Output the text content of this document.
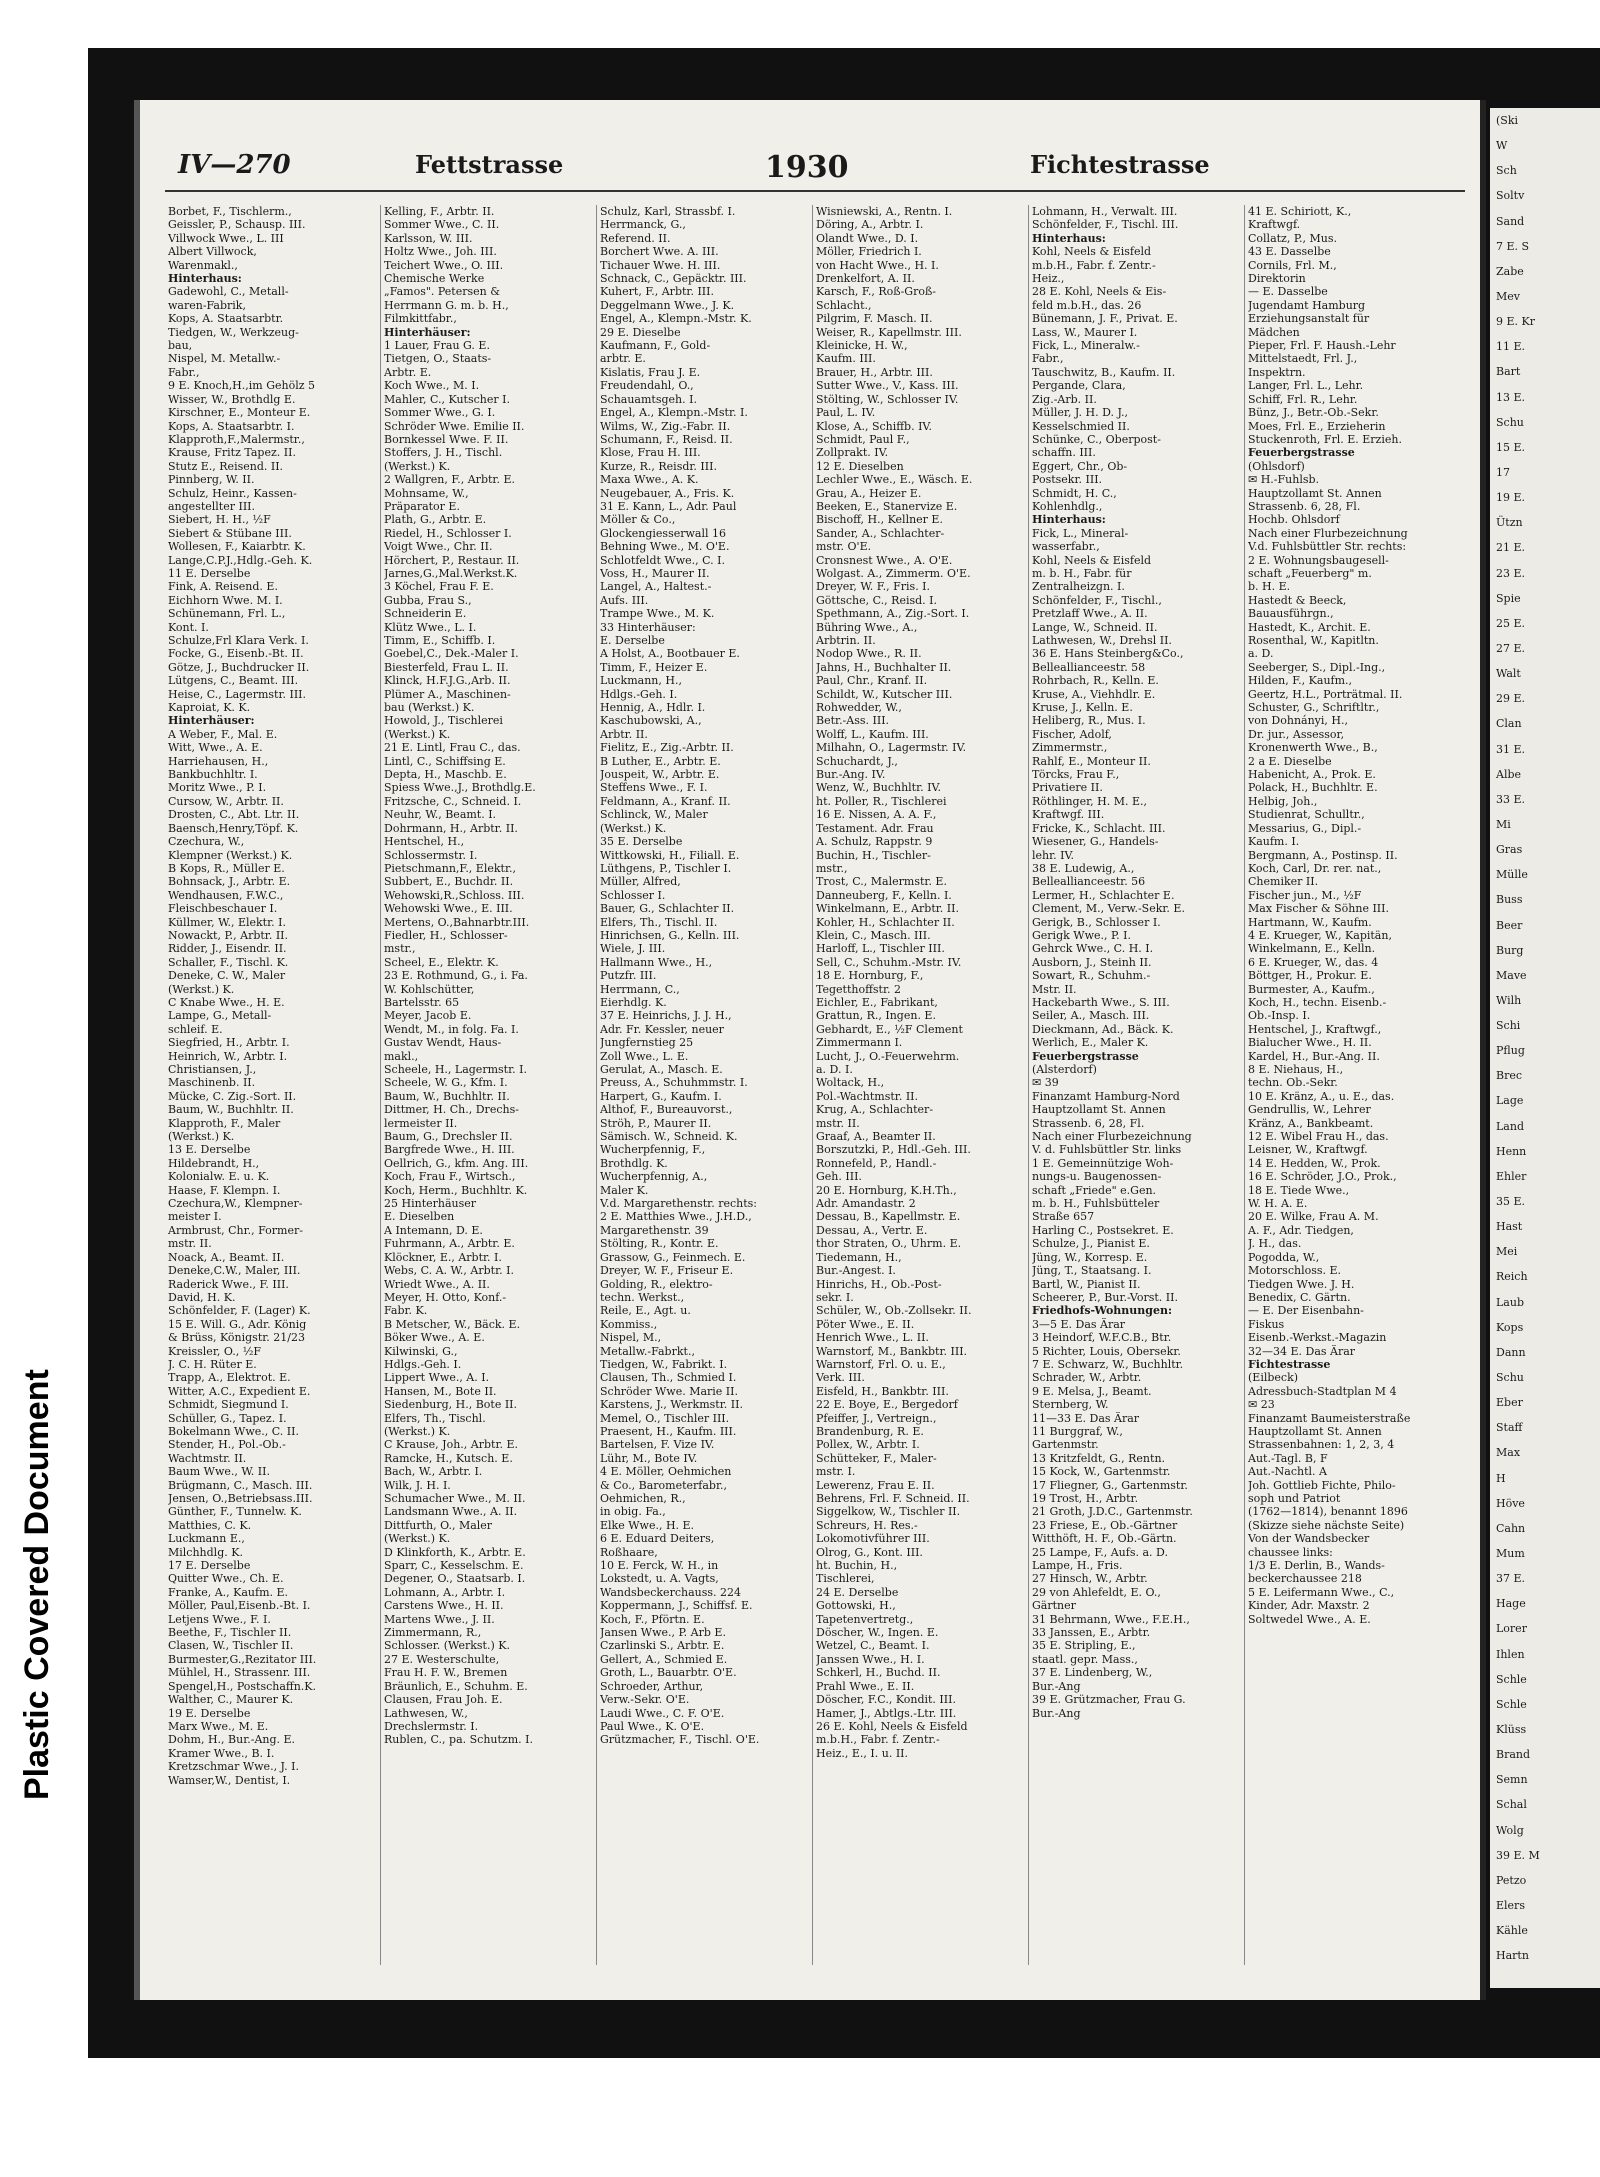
Plastic Covered Document
(Ski
W
Sch
Soltv
Sand
7 E. S
Zabe
Mev
9 E. Kr
11 E.
Bart
13 E.
Schu
15 E.
17
19 E.
Ützn
21 E.
23 E.
Spie
25 E.
27 E.
Walt
29 E.
Clan
31 E.
Albe
33 E.
Mi
Gras
Mülle
Buss
Beer
Burg
Mave
Wilh
Schi
Pflug
Brec
Lage
Land
Henn
Ehler
35 E.
Hast
Mei
Reich
Laub
Kops
Dann
Schu
Eber
Staff
Max
H
Höve
Cahn
Mum
37 E.
Hage
Lorer
Ihlen
Schle
Schle
Klüss
Brand
Semn
Schal
Wolg
39 E. M
Petzo
Elers
Kähle
Hartn
IV—270	Fettstrasse	1930	Fichtestrasse
Borbet, F., Tischlerm.,
Geissler, P., Schausp. III.
Villwock Wwe., L. III
Albert Villwock,
Warenmakl.,
Hinterhaus:
Gadewohl, C., Metall-
waren-Fabrik,
Kops, A. Staatsarbtr.
Tiedgen, W., Werkzeug-
bau,
Nispel, M. Metallw.-
Fabr.,
9 E. Knoch,H.,im Gehölz 5
Wisser, W., Brothdlg E.
Kirschner, E., Monteur E.
Kops, A. Staatsarbtr. I.
Klapproth,F.,Malermstr.,
Krause, Fritz Tapez. II.
Stutz E., Reisend. II.
Pinnberg, W. II.
Schulz, Heinr., Kassen-
angestellter III.
Siebert, H. H., ½F
Siebert & Stübane III.
Wollesen, F., Kaiarbtr. K.
Lange,C.P.J.,Hdlg.-Geh. K.
11 E. Derselbe
Fink, A. Reisend. E.
Eichhorn Wwe. M. I.
Schünemann, Frl. L.,
Kont. I.
Schulze,Frl Klara Verk. I.
Focke, G., Eisenb.-Bt. II.
Götze, J., Buchdrucker II.
Lütgens, C., Beamt. III.
Heise, C., Lagermstr. III.
Kaproiat, K. K.
Hinterhäuser:
A Weber, F., Mal. E.
Witt, Wwe., A. E.
Harriehausen, H.,
Bankbuchhltr. I.
Moritz Wwe., P. I.
Cursow, W., Arbtr. II.
Drosten, C., Abt. Ltr. II.
Baensch,Henry,Töpf. K.
Czechura, W.,
Klempner (Werkst.) K.
B Kops, R., Müller E.
Bohnsack, J., Arbtr. E.
Wendhausen, F.W.C.,
Fleischbeschauer I.
Küllmer, W., Elektr. I.
Nowackt, P., Arbtr. II.
Ridder, J., Eisendr. II.
Schaller, F., Tischl. K.
Deneke, C. W., Maler
(Werkst.) K.
C Knabe Wwe., H. E.
Lampe, G., Metall-
schleif. E.
Siegfried, H., Arbtr. I.
Heinrich, W., Arbtr. I.
Christiansen, J.,
Maschinenb. II.
Mücke, C. Zig.-Sort. II.
Baum, W., Buchhltr. II.
Klapproth, F., Maler
(Werkst.) K.
13 E. Derselbe
Hildebrandt, H.,
Kolonialw. E. u. K.
Haase, F. Klempn. I.
Czechura,W., Klempner-
meister I.
Armbrust, Chr., Former-
mstr. II.
Noack, A., Beamt. II.
Deneke,C.W., Maler, III.
Raderick Wwe., F. III.
David, H. K.
Schönfelder, F. (Lager) K.
15 E. Will. G., Adr. König
& Brüss, Königstr. 21/23
Kreissler, O., ½F
J. C. H. Rüter E.
Trapp, A., Elektrot. E.
Witter, A.C., Expedient E.
Schmidt, Siegmund I.
Schüller, G., Tapez. I.
Bokelmann Wwe., C. II.
Stender, H., Pol.-Ob.-
Wachtmstr. II.
Baum Wwe., W. II.
Brügmann, C., Masch. III.
Jensen, O.,Betriebsass.III.
Günther, F., Tunnelw. K.
Matthies, C. K.
Luckmann E.,
Milchhdlg. K.
17 E. Derselbe
Quitter Wwe., Ch. E.
Franke, A., Kaufm. E.
Möller, Paul,Eisenb.-Bt. I.
Letjens Wwe., F. I.
Beethe, F., Tischler II.
Clasen, W., Tischler II.
Burmester,G.,Rezitator III.
Mühlel, H., Strassenr. III.
Spengel,H., Postschaffn.K.
Walther, C., Maurer K.
19 E. Derselbe
Marx Wwe., M. E.
Dohm, H., Bur.-Ang. E.
Kramer Wwe., B. I.
Kretzschmar Wwe., J. I.
Wamser,W., Dentist, I.
Kelling, F., Arbtr. II.
Sommer Wwe., C. II.
Karlsson, W. III.
Holtz Wwe., Joh. III.
Teichert Wwe., O. III.
Chemische Werke
„Famos". Petersen &
Herrmann G. m. b. H.,
Filmkittfabr.,
Hinterhäuser:
1 Lauer, Frau G. E.
Tietgen, O., Staats-
Arbtr. E.
Koch Wwe., M. I.
Mahler, C., Kutscher I.
Sommer Wwe., G. I.
Schröder Wwe. Emilie II.
Bornkessel Wwe. F. II.
Stoffers, J. H., Tischl.
(Werkst.) K.
2 Wallgren, F., Arbtr. E.
Mohnsame, W.,
Präparator E.
Plath, G., Arbtr. E.
Riedel, H., Schlosser I.
Voigt Wwe., Chr. II.
Hörchert, P., Restaur. II.
Jarnes,G.,Mal.Werkst.K.
3 Köchel, Frau F. E.
Gubba, Frau S.,
Schneiderin E.
Klütz Wwe., L. I.
Timm, E., Schiffb. I.
Goebel,C., Dek.-Maler I.
Biesterfeld, Frau L. II.
Klinck, H.F.J.G.,Arb. II.
Plümer A., Maschinen-
bau (Werkst.) K.
Howold, J., Tischlerei
(Werkst.) K.
21 E. Lintl, Frau C., das.
Lintl, C., Schiffsing E.
Depta, H., Maschb. E.
Spiess Wwe.,J., Brothdlg.E.
Fritzsche, C., Schneid. I.
Neuhr, W., Beamt. I.
Dohrmann, H., Arbtr. II.
Hentschel, H.,
Schlossermstr. I.
Pietschmann,F., Elektr.,
Subbert, E., Buchdr. II.
Wehowski,R.,Schloss. III.
Wehowski Wwe., E. III.
Mertens, O.,Bahnarbtr.III.
Fiedler, H., Schlosser-
mstr.,
Scheel, E., Elektr. K.
23 E. Rothmund, G., i. Fa.
W. Kohlschütter,
Bartelsstr. 65
Meyer, Jacob E.
Wendt, M., in folg. Fa. I.
Gustav Wendt, Haus-
makl.,
Scheele, H., Lagermstr. I.
Scheele, W. G., Kfm. I.
Baum, W., Buchhltr. II.
Dittmer, H. Ch., Drechs-
lermeister II.
Baum, G., Drechsler II.
Bargfrede Wwe., H. III.
Oellrich, G., kfm. Ang. III.
Koch, Frau F., Wirtsch.,
Koch, Herm., Buchhltr. K.
25 Hinterhäuser
E. Dieselben
A Intemann, D. E.
Fuhrmann, A., Arbtr. E.
Klöckner, E., Arbtr. I.
Webs, C. A. W., Arbtr. I.
Wriedt Wwe., A. II.
Meyer, H. Otto, Konf.-
Fabr. K.
B Metscher, W., Bäck. E.
Böker Wwe., A. E.
Kilwinski, G.,
Hdlgs.-Geh. I.
Lippert Wwe., A. I.
Hansen, M., Bote II.
Siedenburg, H., Bote II.
Elfers, Th., Tischl.
(Werkst.) K.
C Krause, Joh., Arbtr. E.
Ramcke, H., Kutsch. E.
Bach, W., Arbtr. I.
Wilk, J. H. I.
Schumacher Wwe., M. II.
Landsmann Wwe., A. II.
Dittfurth, O., Maler
(Werkst.) K.
D Klinkforth, K., Arbtr. E.
Sparr, C., Kesselschm. E.
Degener, O., Staatsarb. I.
Lohmann, A., Arbtr. I.
Carstens Wwe., H. II.
Martens Wwe., J. II.
Zimmermann, R.,
Schlosser. (Werkst.) K.
27 E. Westerschulte,
Frau H. F. W., Bremen
Bräunlich, E., Schuhm. E.
Clausen, Frau Joh. E.
Lathwesen, W.,
Drechslermstr. I.
Rublen, C., pa. Schutzm. I.
Schulz, Karl, Strassbf. I.
Herrmanck, G.,
Referend. II.
Borchert Wwe. A. III.
Tichauer Wwe. H. III.
Schnack, C., Gepäcktr. III.
Kuhert, F., Arbtr. III.
Deggelmann Wwe., J. K.
Engel, A., Klempn.-Mstr. K.
29 E. Dieselbe
Kaufmann, F., Gold-
arbtr. E.
Kislatis, Frau J. E.
Freudendahl, O.,
Schauamtsgeh. I.
Engel, A., Klempn.-Mstr. I.
Wilms, W., Zig.-Fabr. II.
Schumann, F., Reisd. II.
Klose, Frau H. III.
Kurze, R., Reisdr. III.
Maxa Wwe., A. K.
Neugebauer, A., Fris. K.
31 E. Kann, L., Adr. Paul
Möller & Co.,
Glockengiesserwall 16
Behning Wwe., M. O'E.
Schlotfeldt Wwe., C. I.
Voss, H., Maurer II.
Langel, A., Haltest.-
Aufs. III.
Trampe Wwe., M. K.
33 Hinterhäuser:
E. Derselbe
A Holst, A., Bootbauer E.
Timm, F., Heizer E.
Luckmann, H.,
Hdlgs.-Geh. I.
Hennig, A., Hdlr. I.
Kaschubowski, A.,
Arbtr. II.
Fielitz, E., Zig.-Arbtr. II.
B Luther, E., Arbtr. E.
Jouspeit, W., Arbtr. E.
Steffens Wwe., F. I.
Feldmann, A., Kranf. II.
Schlinck, W., Maler
(Werkst.) K.
35 E. Derselbe
Wittkowski, H., Filiall. E.
Lüthgens, P., Tischler I.
Müller, Alfred,
Schlosser I.
Bauer, G., Schlachter II.
Elfers, Th., Tischl. II.
Hinrichsen, G., Kelln. III.
Wiele, J. III.
Hallmann Wwe., H.,
Putzfr. III.
Herrmann, C.,
Eierhdlg. K.
37 E. Heinrichs, J. J. H.,
Adr. Fr. Kessler, neuer
Jungfernstieg 25
Zoll Wwe., L. E.
Gerulat, A., Masch. E.
Preuss, A., Schuhmmstr. I.
Harpert, G., Kaufm. I.
Althof, F., Bureauvorst.,
Ströh, P., Maurer II.
Sämisch. W., Schneid. K.
Wucherpfennig, F.,
Brothdlg. K.
Wucherpfennig, A.,
Maler K.
V.d. Margarethenstr. rechts:
2 E. Matthies Wwe., J.H.D.,
Margarethenstr. 39
Stölting, R., Kontr. E.
Grassow, G., Feinmech. E.
Dreyer, W. F., Friseur E.
Golding, R., elektro-
techn. Werkst.,
Reile, E., Agt. u.
Kommiss.,
Nispel, M.,
Metallw.-Fabrkt.,
Tiedgen, W., Fabrikt. I.
Clausen, Th., Schmied I.
Schröder Wwe. Marie II.
Karstens, J., Werkmstr. II.
Memel, O., Tischler III.
Praesent, H., Kaufm. III.
Bartelsen, F. Vize IV.
Lühr, M., Bote IV.
4 E. Möller, Oehmichen
& Co., Barometerfabr.,
Oehmichen, R.,
in obig. Fa.,
Elke Wwe., H. E.
6 E. Eduard Deiters,
Roßhaare,
10 E. Ferck, W. H., in
Lokstedt, u. A. Vagts,
Wandsbeckerchauss. 224
Koppermann, J., Schiffsf. E.
Koch, F., Pförtn. E.
Jansen Wwe., P. Arb E.
Czarlinski S., Arbtr. E.
Gellert, A., Schmied E.
Groth, L., Bauarbtr. O'E.
Schroeder, Arthur,
Verw.-Sekr. O'E.
Laudi Wwe., C. F. O'E.
Paul Wwe., K. O'E.
Grützmacher, F., Tischl. O'E.
Wisniewski, A., Rentn. I.
Döring, A., Arbtr. I.
Olandt Wwe., D. I.
Möller, Friedrich I.
von Hacht Wwe., H. I.
Drenkelfort, A. II.
Karsch, F., Roß-Groß-
Schlacht.,
Pilgrim, F. Masch. II.
Weiser, R., Kapellmstr. III.
Kleinicke, H. W.,
Kaufm. III.
Brauer, H., Arbtr. III.
Sutter Wwe., V., Kass. III.
Stölting, W., Schlosser IV.
Paul, L. IV.
Klose, A., Schiffb. IV.
Schmidt, Paul F.,
Zollprakt. IV.
12 E. Dieselben
Lechler Wwe., E., Wäsch. E.
Grau, A., Heizer E.
Beeken, E., Stanervize E.
Bischoff, H., Kellner E.
Sander, A., Schlachter-
mstr. O'E.
Cronsnest Wwe., A. O'E.
Wolgast. A., Zimmerm. O'E.
Dreyer, W. F., Fris. I.
Göttsche, C., Reisd. I.
Spethmann, A., Zig.-Sort. I.
Bühring Wwe., A.,
Arbtrin. II.
Nodop Wwe., R. II.
Jahns, H., Buchhalter II.
Paul, Chr., Kranf. II.
Schildt, W., Kutscher III.
Rohwedder, W.,
Betr.-Ass. III.
Wolff, L., Kaufm. III.
Milhahn, O., Lagermstr. IV.
Schuchardt, J.,
Bur.-Ang. IV.
Wenz, W., Buchhltr. IV.
ht. Poller, R., Tischlerei
16 E. Nissen, A. A. F.,
Testament. Adr. Frau
A. Schulz, Rappstr. 9
Buchin, H., Tischler-
mstr.,
Trost, C., Malermstr. E.
Danneuberg, F., Kelln. I.
Winkelmann, E., Arbtr. II.
Kohler, H., Schlachter II.
Klein, C., Masch. III.
Harloff, L., Tischler III.
Sell, C., Schuhm.-Mstr. IV.
18 E. Hornburg, F.,
Tegetthoffstr. 2
Eichler, E., Fabrikant,
Grattun, R., Ingen. E.
Gebhardt, E., ½F Clement
Zimmermann I.
Lucht, J., O.-Feuerwehrm.
a. D. I.
Woltack, H.,
Pol.-Wachtmstr. II.
Krug, A., Schlachter-
mstr. II.
Graaf, A., Beamter II.
Borszutzki, P., Hdl.-Geh. III.
Ronnefeld, P., Handl.-
Geh. III.
20 E. Hornburg, K.H.Th.,
Adr. Amandastr. 2
Dessau, B., Kapellmstr. E.
Dessau, A., Vertr. E.
thor Straten, O., Uhrm. E.
Tiedemann, H.,
Bur.-Angest. I.
Hinrichs, H., Ob.-Post-
sekr. I.
Schüler, W., Ob.-Zollsekr. II.
Pöter Wwe., E. II.
Henrich Wwe., L. II.
Warnstorf, M., Bankbtr. III.
Warnstorf, Frl. O. u. E.,
Verk. III.
Eisfeld, H., Bankbtr. III.
22 E. Boye, E., Bergedorf
Pfeiffer, J., Vertreign.,
Brandenburg, R. E.
Pollex, W., Arbtr. I.
Schütteker, F., Maler-
mstr. I.
Lewerenz, Frau E. II.
Behrens, Frl. F. Schneid. II.
Siggelkow, W., Tischler II.
Schreurs, H. Res.-
Lokomotivführer III.
Olrog, G., Kont. III.
ht. Buchin, H.,
Tischlerei,
24 E. Derselbe
Gottowski, H.,
Tapetenvertretg.,
Döscher, W., Ingen. E.
Wetzel, C., Beamt. I.
Janssen Wwe., H. I.
Schkerl, H., Buchd. II.
Prahl Wwe., E. II.
Döscher, F.C., Kondit. III.
Hamer, J., Abtlgs.-Ltr. III.
26 E. Kohl, Neels & Eisfeld
m.b.H., Fabr. f. Zentr.-
Heiz., E., I. u. II.
Lohmann, H., Verwalt. III.
Schönfelder, F., Tischl. III.
Hinterhaus:
Kohl, Neels & Eisfeld
m.b.H., Fabr. f. Zentr.-
Heiz.,
28 E. Kohl, Neels & Eis-
feld m.b.H., das. 26
Bünemann, J. F., Privat. E.
Lass, W., Maurer I.
Fick, L., Mineralw.-
Fabr.,
Tauschwitz, B., Kaufm. II.
Pergande, Clara,
Zig.-Arb. II.
Müller, J. H. D. J.,
Kesselschmied II.
Schünke, C., Oberpost-
schaffn. III.
Eggert, Chr., Ob-
Postsekr. III.
Schmidt, H. C.,
Kohlenhdlg.,
Hinterhaus:
Fick, L., Mineral-
wasserfabr.,
Kohl, Neels & Eisfeld
m. b. H., Fabr. für
Zentralheizgn. I.
Schönfelder, F., Tischl.,
Pretzlaff Wwe., A. II.
Lange, W., Schneid. II.
Lathwesen, W., Drehsl II.
36 E. Hans Steinberg&Co.,
Belleallianceestr. 58
Rohrbach, R., Kelln. E.
Kruse, A., Viehhdlr. E.
Kruse, J., Kelln. E.
Heliberg, R., Mus. I.
Fischer, Adolf,
Zimmermstr.,
Rahlf, E., Monteur II.
Törcks, Frau F.,
Privatiere II.
Röthlinger, H. M. E.,
Kraftwgf. III.
Fricke, K., Schlacht. III.
Wiesener, G., Handels-
lehr. IV.
38 E. Ludewig, A.,
Belleallianceestr. 56
Lermer, H., Schlachter E.
Clement, M., Verw.-Sekr. E.
Gerigk, B., Schlosser I.
Gerigk Wwe., P. I.
Gehrck Wwe., C. H. I.
Ausborn, J., Steinh II.
Sowart, R., Schuhm.-
Mstr. II.
Hackebarth Wwe., S. III.
Seiler, A., Masch. III.
Dieckmann, Ad., Bäck. K.
Werlich, E., Maler K.
Feuerbergstrasse
(Alsterdorf)
✉ 39
Finanzamt Hamburg-Nord
Hauptzollamt St. Annen
Strassenb. 6, 28, Fl.
Nach einer Flurbezeichnung
V. d. Fuhlsbüttler Str. links
1 E. Gemeinnützige Woh-
nungs-u. Baugenossen-
schaft „Friede" e.Gen.
m. b. H., Fuhlsbütteler
Straße 657
Harling C., Postsekret. E.
Schulze, J., Pianist E.
Jüng, W., Korresp. E.
Jüng, T., Staatsang. I.
Bartl, W., Pianist II.
Scheerer, P., Bur.-Vorst. II.
Friedhofs-Wohnungen:
3—5 E. Das Ärar
3 Heindorf, W.F.C.B., Btr.
5 Richter, Louis, Obersekr.
7 E. Schwarz, W., Buchhltr.
Schrader, W., Arbtr.
9 E. Melsa, J., Beamt.
Sternberg, W.
11—33 E. Das Ärar
11 Burggraf, W.,
Gartenmstr.
13 Kritzfeldt, G., Rentn.
15 Kock, W., Gartenmstr.
17 Fliegner, G., Gartenmstr.
19 Trost, H., Arbtr.
21 Groth, J.D.C., Gartenmstr.
23 Friese, E., Ob.-Gärtner
Witthöft, H. F., Ob.-Gärtn.
25 Lampe, F., Aufs. a. D.
Lampe, H., Fris.
27 Hinsch, W., Arbtr.
29 von Ahlefeldt, E. O.,
Gärtner
31 Behrmann, Wwe., F.E.H.,
33 Janssen, E., Arbtr.
35 E. Stripling, E.,
staatl. gepr. Mass.,
37 E. Lindenberg, W.,
Bur.-Ang
39 E. Grützmacher, Frau G.
Bur.-Ang
41 E. Schiriott, K.,
Kraftwgf.
Collatz, P., Mus.
43 E. Dasselbe
Cornils, Frl. M.,
Direktorin
— E. Dasselbe
Jugendamt Hamburg
Erziehungsanstalt für
Mädchen
Pieper, Frl. F. Haush.-Lehr
Mittelstaedt, Frl. J.,
Inspektrn.
Langer, Frl. L., Lehr.
Schiff, Frl. R., Lehr.
Bünz, J., Betr.-Ob.-Sekr.
Moes, Frl. E., Erzieherin
Stuckenroth, Frl. E. Erzieh.
Feuerbergstrasse
(Ohlsdorf)
✉ H.-Fuhlsb.
Hauptzollamt St. Annen
Strassenb. 6, 28, Fl.
Hochb. Ohlsdorf
Nach einer Flurbezeichnung
V.d. Fuhlsbüttler Str. rechts:
2 E. Wohnungsbaugesell-
schaft „Feuerberg" m.
b. H. E.
Hastedt & Beeck,
Bauausführgn.,
Hastedt, K., Archit. E.
Rosenthal, W., Kapitltn.
a. D.
Seeberger, S., Dipl.-Ing.,
Hilden, F., Kaufm.,
Geertz, H.L., Porträtmal. II.
Schuster, G., Schriftltr.,
von Dohnányi, H.,
Dr. jur., Assessor,
Kronenwerth Wwe., B.,
2 a E. Dieselbe
Habenicht, A., Prok. E.
Polack, H., Buchhltr. E.
Helbig, Joh.,
Studienrat, Schulltr.,
Messarius, G., Dipl.-
Kaufm. I.
Bergmann, A., Postinsp. II.
Koch, Carl, Dr. rer. nat.,
Chemiker II.
Fischer jun., M., ½F
Max Fischer & Söhne III.
Hartmann, W., Kaufm.
4 E. Krueger, W., Kapitän,
Winkelmann, E., Kelln.
6 E. Krueger, W., das. 4
Böttger, H., Prokur. E.
Burmester, A., Kaufm.,
Koch, H., techn. Eisenb.-
Ob.-Insp. I.
Hentschel, J., Kraftwgf.,
Bialucher Wwe., H. II.
Kardel, H., Bur.-Ang. II.
8 E. Niehaus, H.,
techn. Ob.-Sekr.
10 E. Kränz, A., u. E., das.
Gendrullis, W., Lehrer
Kränz, A., Bankbeamt.
12 E. Wibel Frau H., das.
Leisner, W., Kraftwgf.
14 E. Hedden, W., Prok.
16 E. Schröder, J.O., Prok.,
18 E. Tiede Wwe.,
W. H. A. E.
20 E. Wilke, Frau A. M.
A. F., Adr. Tiedgen,
J. H., das.
Pogodda, W.,
Motorschloss. E.
Tiedgen Wwe. J. H.
Benedix, C. Gärtn.
— E. Der Eisenbahn-
Fiskus
Eisenb.-Werkst.-Magazin
32—34 E. Das Ärar
Fichtestrasse
(Eilbeck)
Adressbuch-Stadtplan M 4
✉ 23
Finanzamt Baumeisterstraße
Hauptzollamt St. Annen
Strassenbahnen: 1, 2, 3, 4
Aut.-Tagl. B, F
Aut.-Nachtl. A
Joh. Gottlieb Fichte, Philo-
soph und Patriot
(1762—1814), benannt 1896
(Skizze siehe nächste Seite)
Von der Wandsbecker
chaussee links:
1/3 E. Derlin, B., Wands-
beckerchaussee 218
5 E. Leifermann Wwe., C.,
Kinder, Adr. Maxstr. 2
Soltwedel Wwe., A. E.
